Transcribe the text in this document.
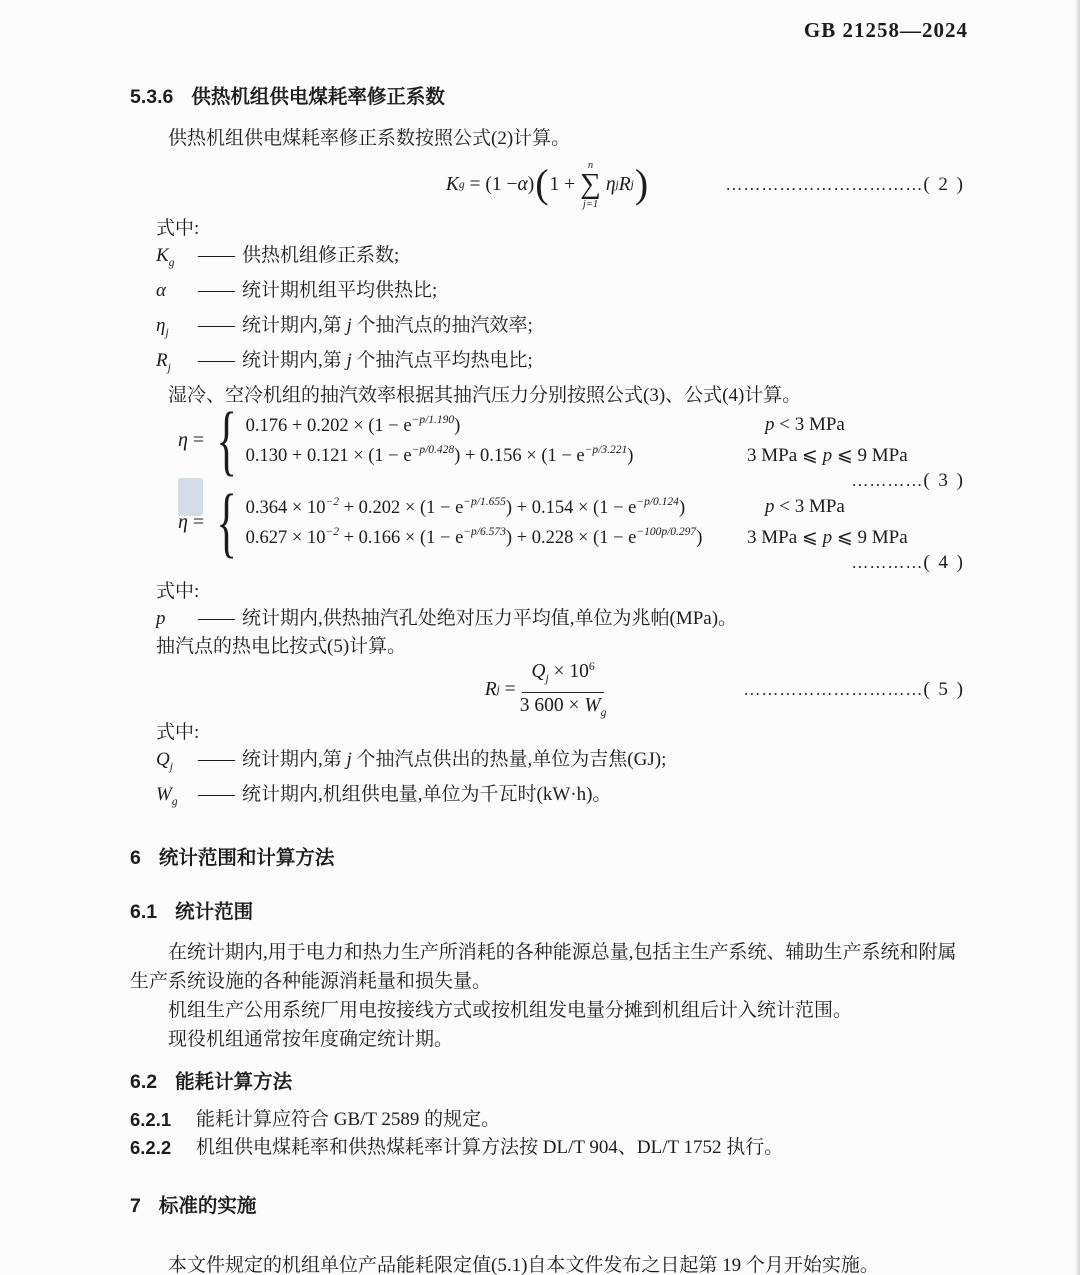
GB 21258—2024
5.3.6 供热机组供电煤耗率修正系数
供热机组供电煤耗率修正系数按照公式(2)计算。
K g
=
(1 − α ) ( 1 +
n
∑
j=1
η j R j )	……………………………( 2 )
式中:
$K_g$	—— 供热机组修正系数;
α	—— 统计期机组平均供热比;
$\eta_j$	—— 统计期内,第 j 个抽汽点的抽汽效率;
$R_j$	—— 统计期内,第 j 个抽汽点平均热电比;
湿冷、空冷机组的抽汽效率根据其抽汽压力分别按照公式(3)、公式(4)计算。
η = { $0.176 + 0.202 \times (1 - e^{-p/1.190})$	p < 3 MPa
$0.130 + 0.121 \times (1 - e^{-p/0.428}) + 0.156 \times (1 - e^{-p/3.221})$	3 MPa ⩽ p ⩽ 9 MPa
…………( 3 )
η = { $0.364 \times 10^{-2} + 0.202 \times (1 - e^{-p/1.655}) + 0.154 \times (1 - e^{-p/0.124})$	p < 3 MPa
$0.627 \times 10^{-2} + 0.166 \times (1 - e^{-p/6.573}) + 0.228 \times (1 - e^{-100p/0.297})$ 3 MPa ⩽ p ⩽ 9 MPa
…………( 4 )
式中:
p	—— 统计期内,供热抽汽孔处绝对压力平均值,单位为兆帕(MPa)。
抽汽点的热电比按式(5)计算。
R j
= $\frac{Q_j \times 10^6}{3 600 \times W_g}$	…………………………( 5 )
式中:
$Q_j$	—— 统计期内,第 j 个抽汽点供出的热量,单位为吉焦(GJ);
$W_g$	—— 统计期内,机组供电量,单位为千瓦时(kW·h)。
6 统计范围和计算方法
6.1 统计范围
在统计期内,用于电力和热力生产所消耗的各种能源总量,包括主生产系统、辅助生产系统和附属生产系统设施的各种能源消耗量和损失量。
机组生产公用系统厂用电按接线方式或按机组发电量分摊到机组后计入统计范围。
现役机组通常按年度确定统计期。
6.2 能耗计算方法
6.2.1	能耗计算应符合 GB/T 2589 的规定。
6.2.2	机组供电煤耗率和供热煤耗率计算方法按 DL/T 904、DL/T 1752 执行。
7 标准的实施
本文件规定的机组单位产品能耗限定值(5.1)自本文件发布之日起第 19 个月开始实施。
